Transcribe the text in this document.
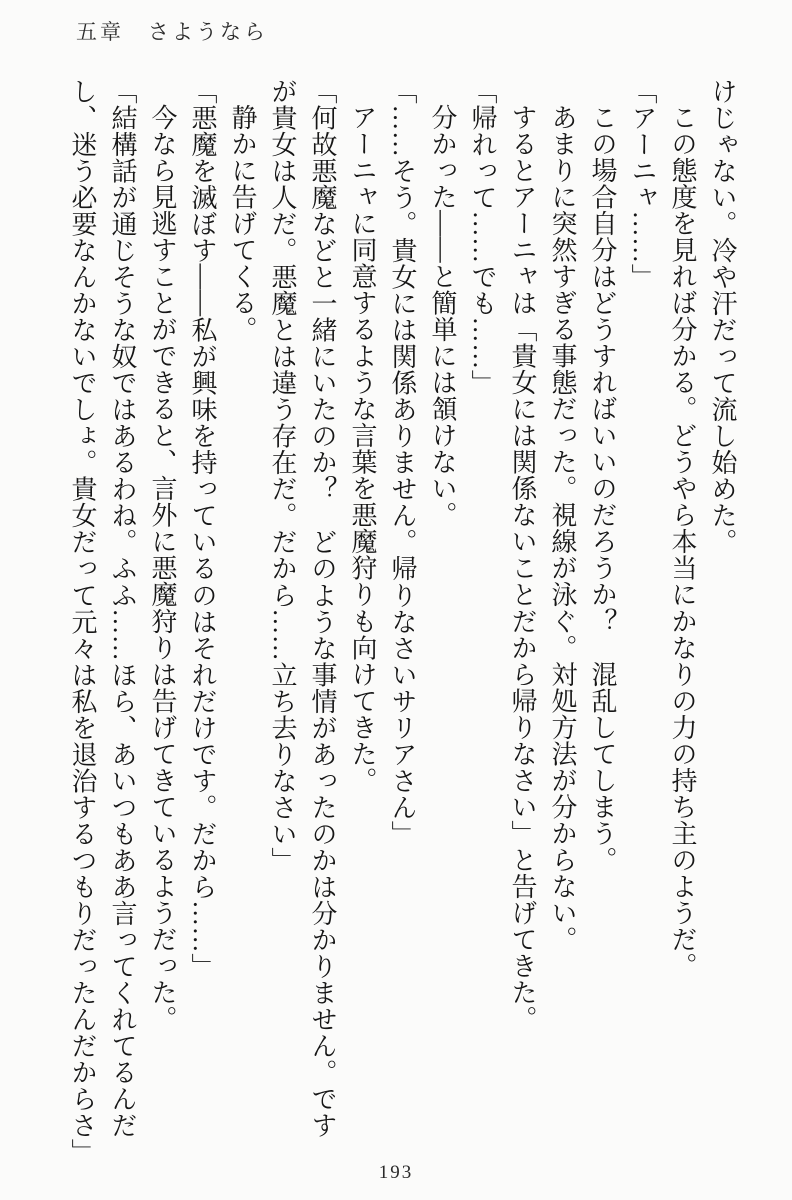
五章　さようなら

けじゃない。冷や汗だって流し始めた。

この態度を見れば分かる。どうやら本当にかなりの力の持ち主のようだ。

「アーニャ……」

この場合自分はどうすればいいのだろうか？　混乱してしまう。

あまりに突然すぎる事態だった。視線が泳ぐ。対処方法が分からない。

するとアーニャは「貴女には関係ないことだから帰りなさい」と告げてきた。

「帰れって……でも……」

分かった——と簡単には頷けない。

「……そう。貴女には関係ありません。帰りなさいサリアさん」

アーニャに同意するような言葉を悪魔狩りも向けてきた。

「何故悪魔などと一緒にいたのか？　どのような事情があったのかは分かりません。です

が貴女は人だ。悪魔とは違う存在だ。だから……立ち去りなさい」

静かに告げてくる。

「悪魔を滅ぼす——私が興味を持っているのはそれだけです。だから……」

今なら見逃すことができると、言外に悪魔狩りは告げてきているようだった。

「結構話が通じそうな奴ではあるわね。ふふ……ほら、あいつもああ言ってくれてるんだ

し、迷う必要なんかないでしょ。貴女だって元々は私を退治するつもりだったんだからさ」

193
